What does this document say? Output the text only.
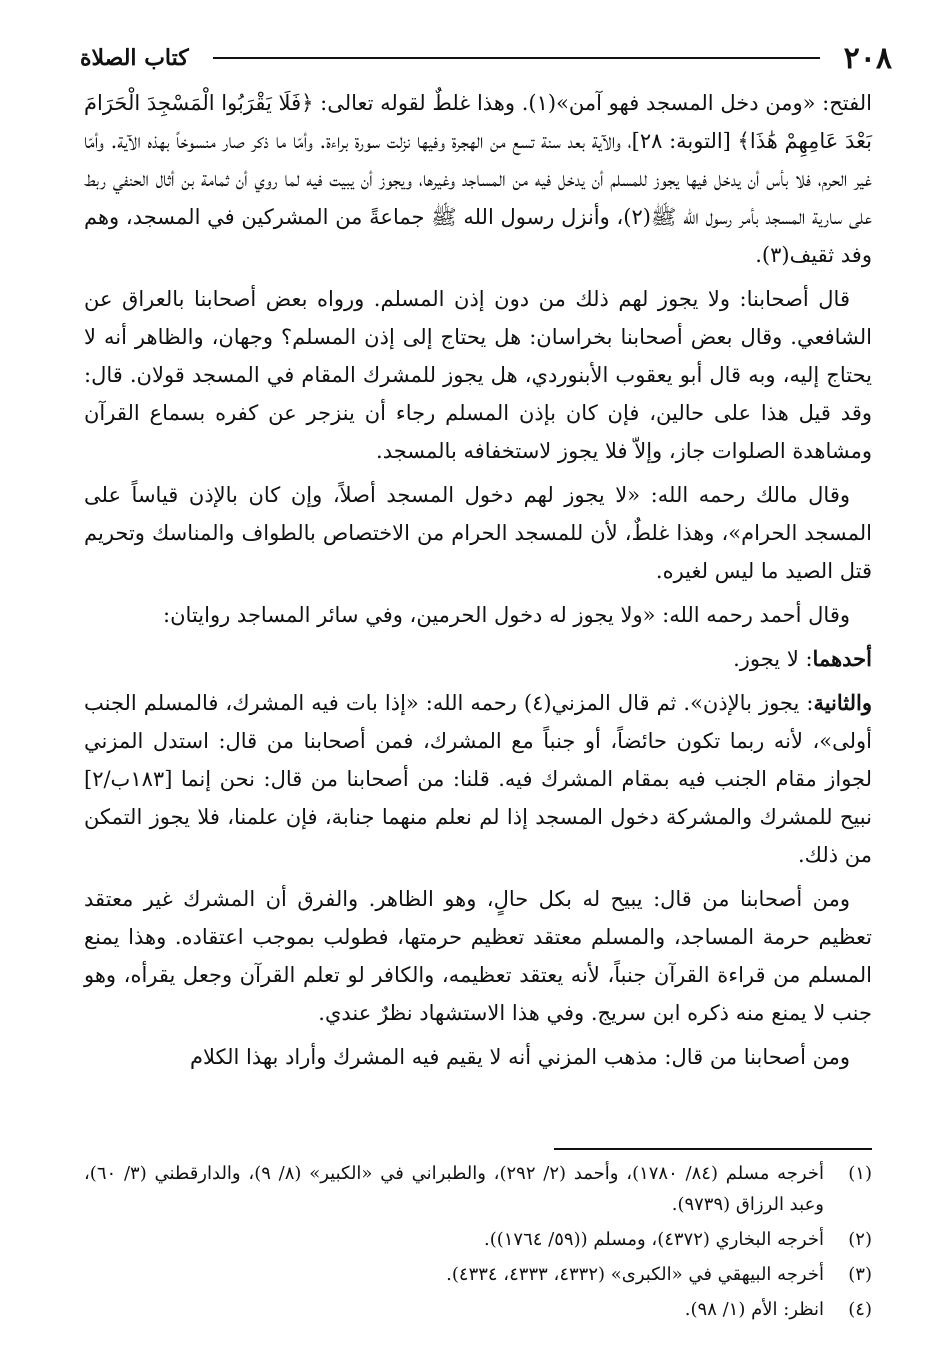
٢٠٨
كتاب الصلاة

الفتح: «ومن دخل المسجد فهو آمن»(١). وهذا غلطٌ لقوله تعالى: ﴿فَلَا يَقْرَبُوا الْمَسْجِدَ الْحَرَامَ بَعْدَ عَامِهِمْ هَٰذَا﴾ [التوبة: ٢٨]، والآية بعد سنة تسع من الهجرة وفيها نزلت سورة براءة. وأمّا ما ذكر صار منسوخاً بهذه الآية. وأمّا غير الحرم، فلا بأس أن يدخل فيها يجوز للمسلم أن يدخل فيه من المساجد وغيرها، ويجوز أن يبيت فيه لما روي أن ثمامة بن أثال الحنفي ربط على سارية المسجد بأمر رسول الله ﷺ(٢)، وأنزل رسول الله ﷺ جماعةً من المشركين في المسجد، وهم وفد ثقيف(٣).

قال أصحابنا: ولا يجوز لهم ذلك من دون إذن المسلم. ورواه بعض أصحابنا بالعراق عن الشافعي. وقال بعض أصحابنا بخراسان: هل يحتاج إلى إذن المسلم؟ وجهان، والظاهر أنه لا يحتاج إليه، وبه قال أبو يعقوب الأبنوردي، هل يجوز للمشرك المقام في المسجد قولان. قال: وقد قيل هذا على حالين، فإن كان بإذن المسلم رجاء أن ينزجر عن كفره بسماع القرآن ومشاهدة الصلوات جاز، وإلاّ فلا يجوز لاستخفافه بالمسجد.

وقال مالك رحمه الله: «لا يجوز لهم دخول المسجد أصلاً، وإن كان بالإذن قياساً على المسجد الحرام»، وهذا غلطٌ، لأن للمسجد الحرام من الاختصاص بالطواف والمناسك وتحريم قتل الصيد ما ليس لغيره.

وقال أحمد رحمه الله: «ولا يجوز له دخول الحرمين، وفي سائر المساجد روايتان:

أحدهما: لا يجوز.

والثانية: يجوز بالإذن». ثم قال المزني(٤) رحمه الله: «إذا بات فيه المشرك، فالمسلم الجنب أولى»، لأنه ربما تكون حائضاً، أو جنباً مع المشرك، فمن أصحابنا من قال: استدل المزني لجواز مقام الجنب فيه بمقام المشرك فيه. قلنا: من أصحابنا من قال: نحن إنما [١٨٣ب/٢] نبيح للمشرك والمشركة دخول المسجد إذا لم نعلم منهما جنابة، فإن علمنا، فلا يجوز التمكن من ذلك.

ومن أصحابنا من قال: يبيح له بكل حالٍ، وهو الظاهر. والفرق أن المشرك غير معتقد تعظيم حرمة المساجد، والمسلم معتقد تعظيم حرمتها، فطولب بموجب اعتقاده. وهذا يمنع المسلم من قراءة القرآن جنباً، لأنه يعتقد تعظيمه، والكافر لو تعلم القرآن وجعل يقرأه، وهو جنب لا يمنع منه ذكره ابن سريج. وفي هذا الاستشهاد نظرٌ عندي.

ومن أصحابنا من قال: مذهب المزني أنه لا يقيم فيه المشرك وأراد بهذا الكلام

(١)
أخرجه مسلم (٨٤/ ١٧٨٠)، وأحمد (٢/ ٢٩٢)، والطبراني في «الكبير» (٨/ ٩)، والدارقطني (٣/ ٦٠)، وعبد الرزاق (٩٧٣٩).
(٢)
أخرجه البخاري (٤٣٧٢)، ومسلم ((٥٩/ ١٧٦٤)).
(٣)
أخرجه البيهقي في «الكبرى» (٤٣٣٢، ٤٣٣٣، ٤٣٣٤).
(٤)
انظر: الأم (١/ ٩٨).
